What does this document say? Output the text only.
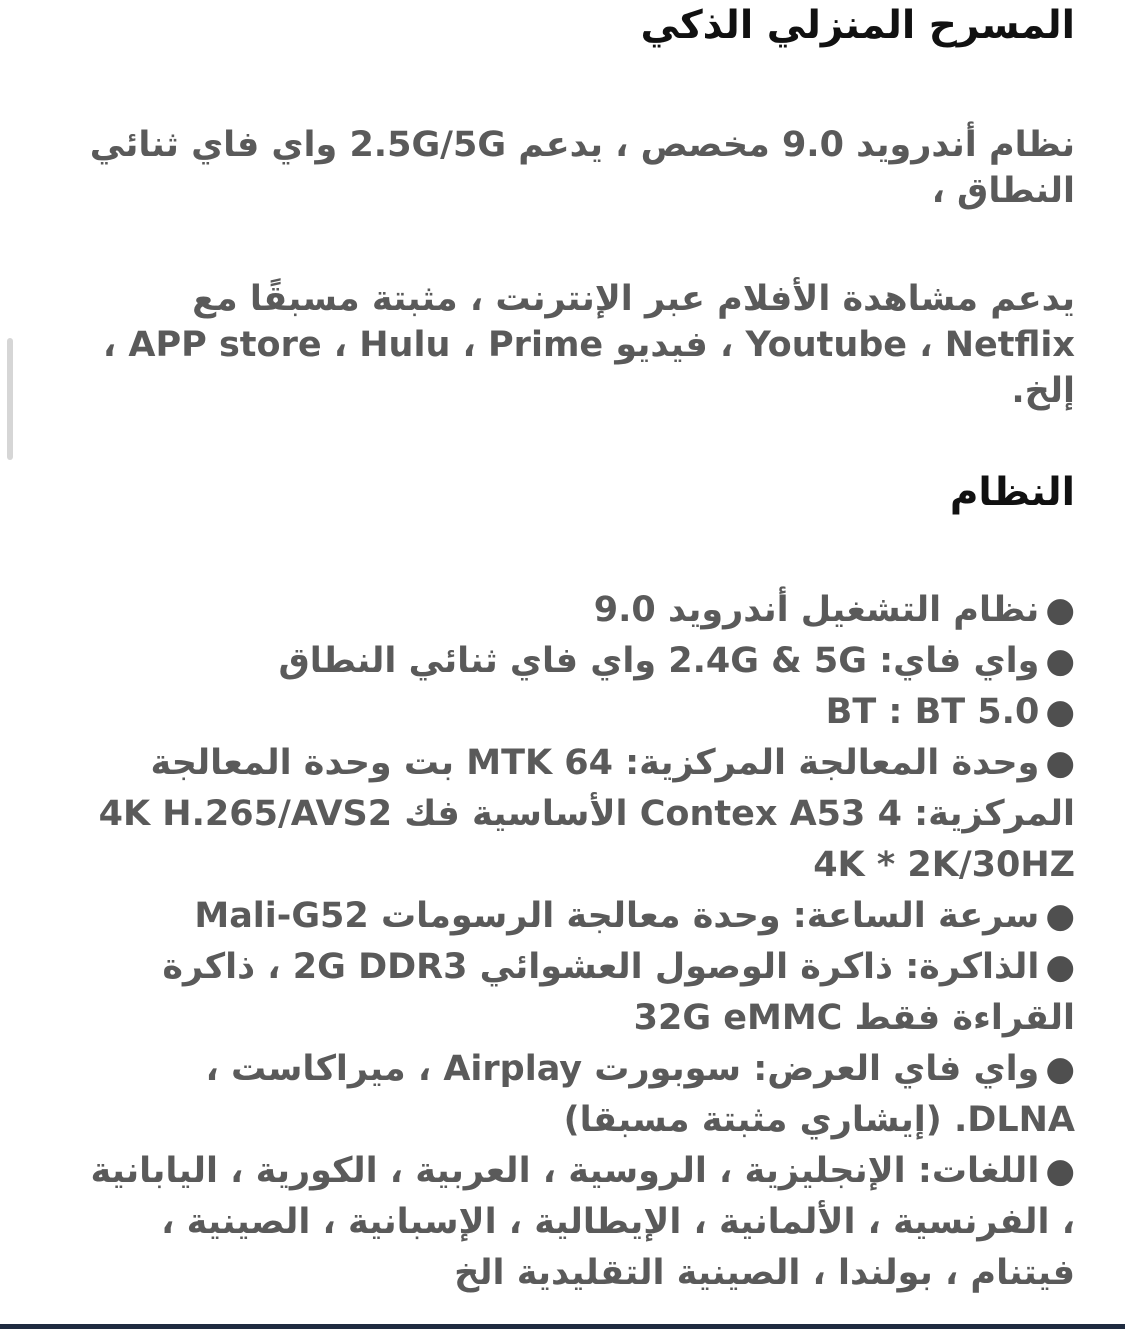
المسرح المنزلي الذكي

نظام أندرويد 9.0 مخصص ، يدعم 2.5G/5G واي فاي ثنائي النطاق ،

يدعم مشاهدة الأفلام عبر الإنترنت ، مثبتة مسبقًا مع Youtube ، Netflix ، فيديو APP store ، Hulu ، Prime ، إلخ.

النظام
●نظام التشغيل أندرويد 9.0
●واي فاي: 2.4G & 5G واي فاي ثنائي النطاق
●BT : BT 5.0
●وحدة المعالجة المركزية: MTK 64 بت وحدة المعالجة المركزية: Contex A53 4 الأساسية فك 4K H.265/AVS2 4K * 2K/30HZ
●سرعة الساعة: وحدة معالجة الرسومات Mali-G52
●الذاكرة: ذاكرة الوصول العشوائي 2G DDR3 ، ذاكرة القراءة فقط 32G eMMC
●واي فاي العرض: سوبورت Airplay ، ميراكاست ، DLNA. (إيشاري مثبتة مسبقا)
●اللغات: الإنجليزية ، الروسية ، العربية ، الكورية ، اليابانية ، الفرنسية ، الألمانية ، الإيطالية ، الإسبانية ، الصينية ، فيتنام ، بولندا ، الصينية التقليدية الخ
